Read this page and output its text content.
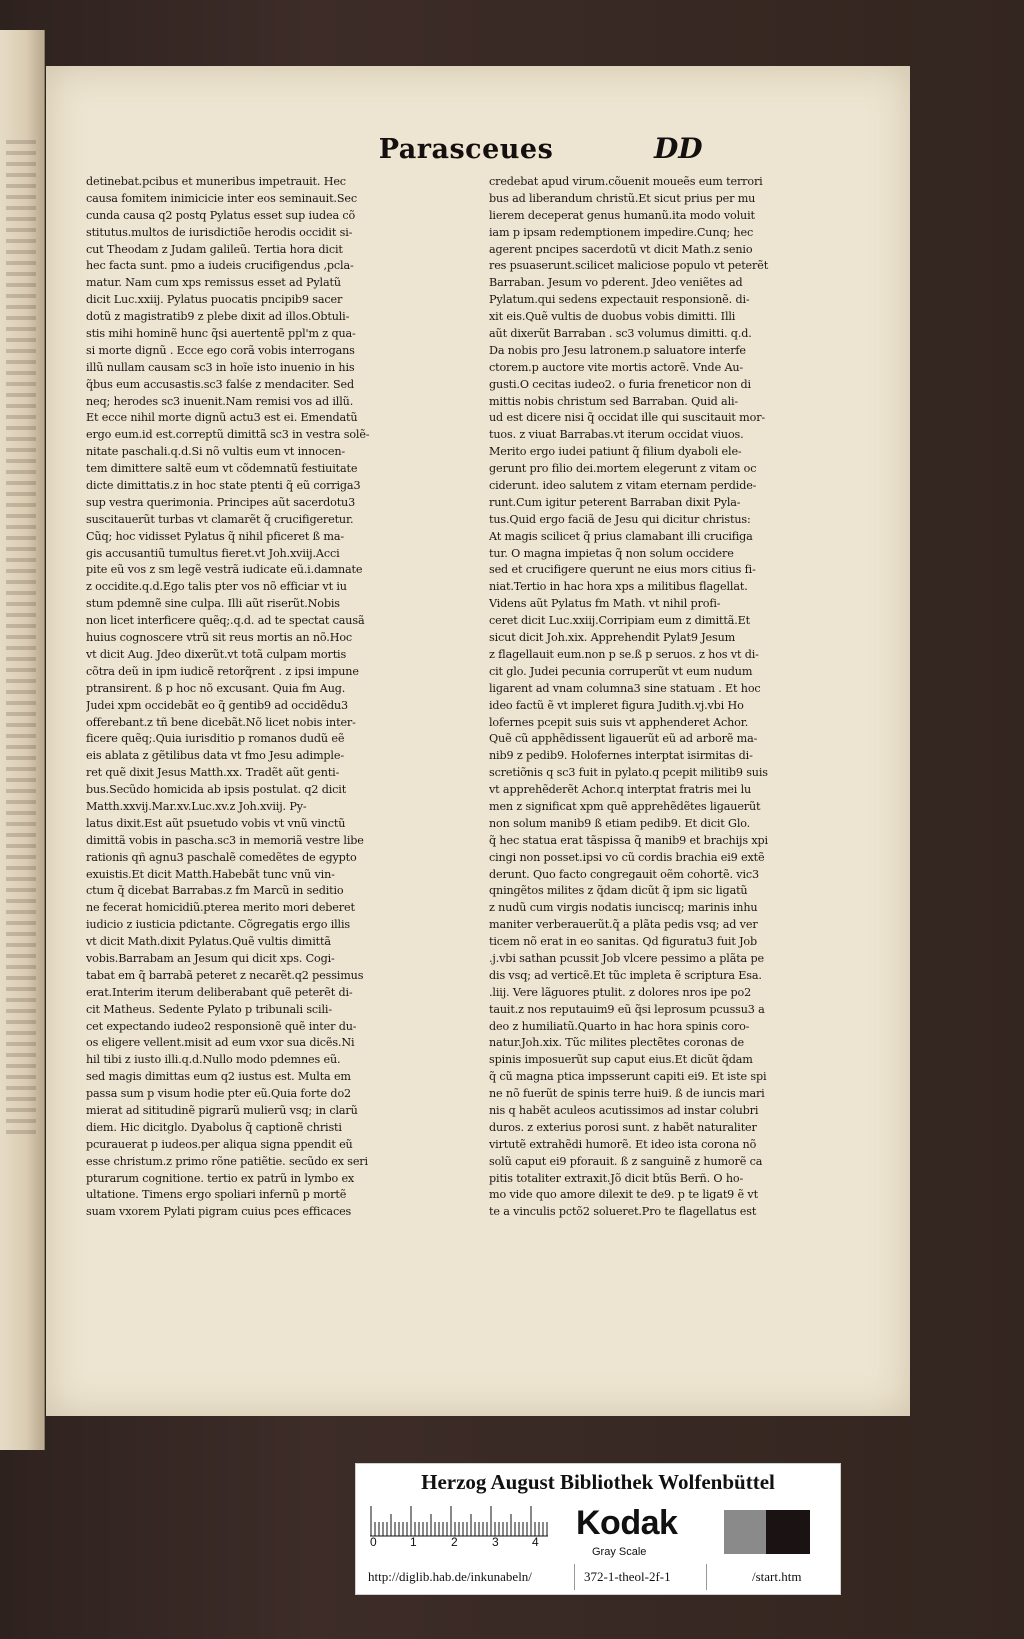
Parasceues	DD
detinebat.pcibus et muneribus impetrauit. Hec
causa fomitem inimicicie inter eos seminauit.Sec
cunda causa q2 postq Pylatus esset sup iudea cõ
stitutus.multos de iurisdictiõe herodis occidit si-
cut Theodam z Judam galileũ. Tertia hora dicit
hec facta sunt. pmo a iudeis crucifigendus ,pcla-
matur. Nam cum xps remissus esset ad Pylatũ
dicit Luc.xxiij. Pylatus puocatis pncipib9 sacer
dotũ z magistratib9 z plebe dixit ad illos.Obtuli-
stis mihi hominẽ hunc q̃si auertentẽ ppl'm z qua-
si morte dignũ . Ecce ego corã vobis interrogans
illũ nullam causam sc3 in hoĩe isto inuenio in his
q̃bus eum accusastis.sc3 falśe z mendaciter. Sed
neq; herodes sc3 inuenit.Nam remisi vos ad illũ.
Et ecce nihil morte dignũ actu3 est ei. Emendatũ
ergo eum.id est.correptũ dimittã sc3 in vestra solẽ-
nitate paschali.q.d.Si nõ vultis eum vt innocen-
tem dimittere saltẽ eum vt cõdemnatũ festiuitate
dicte dimittatis.z in hoc state ptenti q̃ eũ corriga3
sup vestra querimonia. Principes aũt sacerdotu3
suscitauerũt turbas vt clamarẽt q̃ crucifigeretur.
Cũq; hoc vidisset Pylatus q̃ nihil pficeret ß ma-
gis accusantiũ tumultus fieret.vt Joh.xviij.Acci
pite eũ vos z sm legẽ vestrã iudicate eũ.i.damnate
z occidite.q.d.Ego talis pter vos nõ efficiar vt iu
stum pdemnẽ sine culpa. Illi aũt riserũt.Nobis
non licet interficere quẽq;.q.d. ad te spectat causã
huius cognoscere vtrũ sit reus mortis an nõ.Hoc
vt dicit Aug. Jdeo dixerũt.vt totã culpam mortis
cõtra deũ in ipm iudicẽ retorq̃rent . z ipsi impune
ptransirent. ß p hoc nõ excusant. Quia fm Aug.
Judei xpm occidebãt eo q̃ gentib9 ad occidẽdu3
offerebant.z tñ bene dicebãt.Nõ licet nobis inter-
ficere quẽq;.Quia iurisditio p romanos dudũ eẽ
eis ablata z gẽtilibus data vt fmo Jesu adimple-
ret quẽ dixit Jesus Matth.xx. Tradẽt aũt genti-
bus.Secũdo homicida ab ipsis postulat. q2 dicit
Matth.xxvij.Mar.xv.Luc.xv.z Joh.xviij. Py-
latus dixit.Est aũt psuetudo vobis vt vnũ vinctũ
dimittã vobis in pascha.sc3 in memoriã vestre libe
rationis qñ agnu3 paschalẽ comedẽtes de egypto
exuistis.Et dicit Matth.Habebãt tunc vnũ vin-
ctum q̃ dicebat Barrabas.z fm Marcũ in seditio
ne fecerat homicidiũ.pterea merito mori deberet
iudicio z iusticia pdictante. Cõgregatis ergo illis
vt dicit Math.dixit Pylatus.Quẽ vultis dimittã
vobis.Barrabam an Jesum qui dicit xps. Cogi-
tabat em q̃ barrabã peteret z necarẽt.q2 pessimus
erat.Interim iterum deliberabant quẽ peterẽt di-
cit Matheus. Sedente Pylato p tribunali scili-
cet expectando iudeo2 responsionẽ quẽ inter du-
os eligere vellent.misit ad eum vxor sua dicẽs.Ni
hil tibi z iusto illi.q.d.Nullo modo pdemnes eũ.
sed magis dimittas eum q2 iustus est. Multa em
passa sum p visum hodie pter eũ.Quia forte do2
mierat ad sititudinẽ pigrarũ mulierũ vsq; in clarũ
diem. Hic dicitglo. Dyabolus q̃ captionẽ christi
pcurauerat p iudeos.per aliqua signa ppendit eũ
esse christum.z primo rõne patiẽtie. secũdo ex seri
pturarum cognitione. tertio ex patrũ in lymbo ex
ultatione. Timens ergo spoliari infernũ p mortẽ
suam vxorem Pylati pigram cuius pces efficaces
credebat apud virum.cõuenit moueẽs eum terrori
bus ad liberandum christũ.Et sicut prius per mu
lierem deceperat genus humanũ.ita modo voluit
iam p ipsam redemptionem impedire.Cunq; hec
agerent pncipes sacerdotũ vt dicit Math.z senio
res psuaserunt.scilicet maliciose populo vt peterẽt
Barraban. Jesum vo pderent. Jdeo veniẽtes ad
Pylatum.qui sedens expectauit responsionẽ. di-
xit eis.Quẽ vultis de duobus vobis dimitti. Illi
aũt dixerũt Barraban . sc3 volumus dimitti. q.d.
Da nobis pro Jesu latronem.p saluatore interfe
ctorem.p auctore vite mortis actorẽ. Vnde Au-
gusti.O cecitas iudeo2. o furia freneticor non di
mittis nobis christum sed Barraban. Quid ali-
ud est dicere nisi q̃ occidat ille qui suscitauit mor-
tuos. z viuat Barrabas.vt iterum occidat viuos.
Merito ergo iudei patiunt q̃ filium dyaboli ele-
gerunt pro filio dei.mortem elegerunt z vitam oc
ciderunt. ideo salutem z vitam eternam perdide-
runt.Cum igitur peterent Barraban dixit Pyla-
tus.Quid ergo faciã de Jesu qui dicitur christus:
At magis scilicet q̃ prius clamabant illi crucifiga
tur. O magna impietas q̃ non solum occidere
sed et crucifigere querunt ne eius mors citius fi-
niat.Tertio in hac hora xps a militibus flagellat.
Videns aũt Pylatus fm Math. vt nihil profi-
ceret dicit Luc.xxiij.Corripiam eum z dimittã.Et
sicut dicit Joh.xix. Apprehendit Pylat9 Jesum
z flagellauit eum.non p se.ß p seruos. z hos vt di-
cit glo. Judei pecunia corruperũt vt eum nudum
ligarent ad vnam columna3 sine statuam . Et hoc
ideo factũ ẽ vt impleret figura Judith.vj.vbi Ho
lofernes pcepit suis suis vt apphenderet Achor.
Quẽ cũ apphẽdissent ligauerũt eũ ad arborẽ ma-
nib9 z pedib9. Holofernes interptat isirmitas di-
screti̇ỡnis q sc3 fuit in pylato.q pcepit militib9 suis
vt apprehẽderẽt Achor.q interptat fratris mei lu
men z significat xpm quẽ apprehẽdẽtes ligauerũt
non solum manib9 ß etiam pedib9. Et dicit Glo.
q̃ hec statua erat tãspissa q̃ manib9 et brachijs xpi
cingi non posset.ipsi vo cũ cordis brachia ei9 extẽ
derunt. Quo facto congregauit oẽm cohortẽ. vic3
qningẽtos milites z q̃dam dicũt q̃ ipm sic ligatũ
z nudũ cum virgis nodatis iunciscq; marinis inhu
maniter verberauerũt.q̃ a plãta pedis vsq; ad ver
ticem nõ erat in eo sanitas. Qd figuratu3 fuit Job
.j.vbi sathan pcussit Job vlcere pessimo a plãta pe
dis vsq; ad verticẽ.Et tũc impleta ẽ scriptura Esa.
.liij. Vere lãguores ptulit. z dolores nros ipe po2
tauit.z nos reputauim9 eũ q̃si leprosum pcussu3 a
deo z humiliatũ.Quarto in hac hora spinis coro-
natur.Joh.xix. Tũc milites plectẽtes coronas de
spinis imposuerũt sup caput eius.Et dicũt q̃dam
q̃ cũ magna ptica impsserunt capiti ei9. Et iste spi
ne nõ fuerũt de spinis terre hui9. ß de iuncis mari
nis q habẽt aculeos acutissimos ad instar colubri
duros. z exterius porosi sunt. z habẽt naturaliter
virtutẽ extrahẽdi humorẽ. Et ideo ista corona nõ
solũ caput ei9 pforauit. ß z sanguinẽ z humorẽ ca
pitis totaliter extraxit.Jõ dicit btũs Berñ. O ho-
mo vide quo amore dilexit te de9. p te ligat9 ẽ vt
te a vinculis pctõ2 solueret.Pro te flagellatus est
Herzog August Bibliothek Wolfenbüttel
0	1	2	3	4 Kodak
Gray Scale
http://diglib.hab.de/inkunabeln/	372-1-theol-2f-1	/start.htm
